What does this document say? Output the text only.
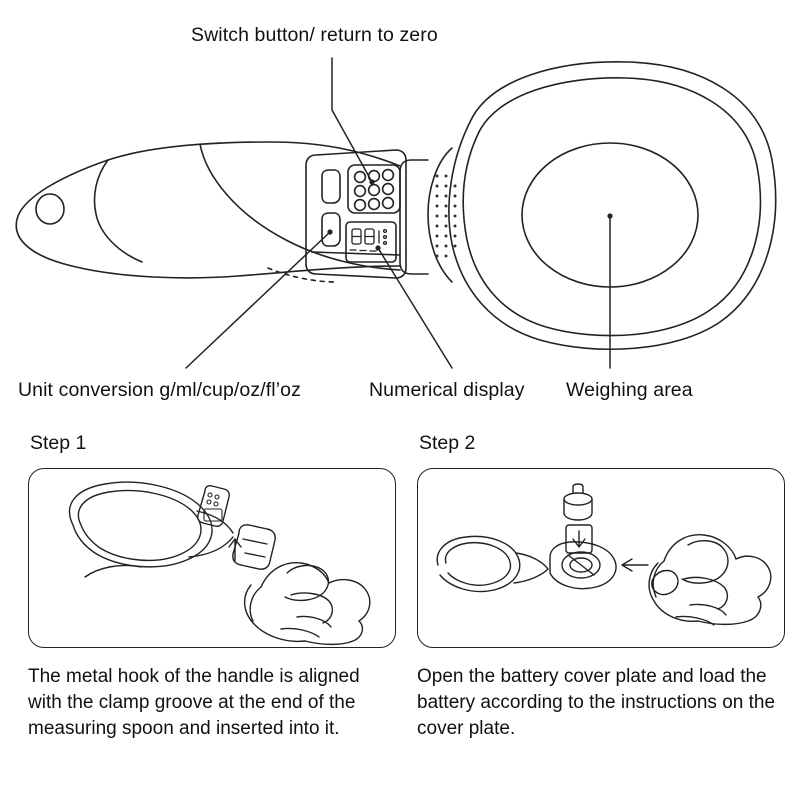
Switch button/ return to zero
Unit conversion g/ml/cup/oz/fl’oz	Numerical display Weighing area
Step 1
The metal hook of the handle is aligned with the clamp groove at the end of the measuring spoon and inserted into it.
Step 2
Open the battery cover plate and load the battery according to the instructions on the cover plate.
